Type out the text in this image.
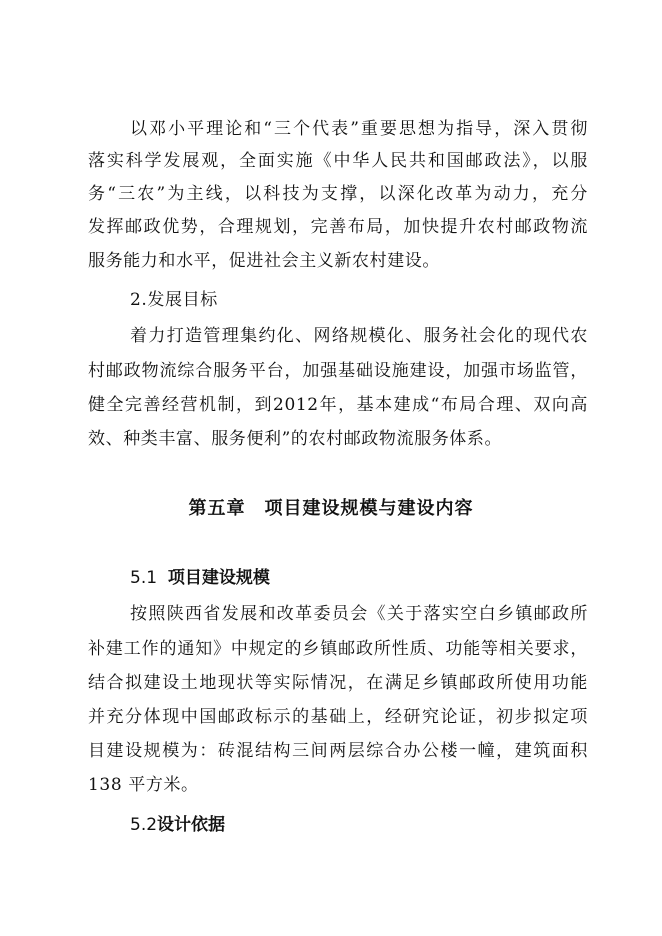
以邓小平理论和“三个代表”重要思想为指导，深入贯彻
落实科学发展观，全面实施《中华人民共和国邮政法》，以服
务“三农”为主线，以科技为支撑，以深化改革为动力，充分
发挥邮政优势，合理规划，完善布局，加快提升农村邮政物流
服务能力和水平，促进社会主义新农村建设。
2.发展目标
着力打造管理集约化、网络规模化、服务社会化的现代农
村邮政物流综合服务平台，加强基础设施建设，加强市场监管，
健全完善经营机制，到2012年，基本建成“布局合理、双向高
效、种类丰富、服务便利”的农村邮政物流服务体系。
第五章　项目建设规模与建设内容
5.1 项目建设规模
按照陕西省发展和改革委员会《关于落实空白乡镇邮政所
补建工作的通知》中规定的乡镇邮政所性质、功能等相关要求，
结合拟建设土地现状等实际情况，在满足乡镇邮政所使用功能
并充分体现中国邮政标示的基础上，经研究论证，初步拟定项
目建设规模为：砖混结构三间两层综合办公楼一幢，建筑面积
138 平方米。
5.2设计依据
